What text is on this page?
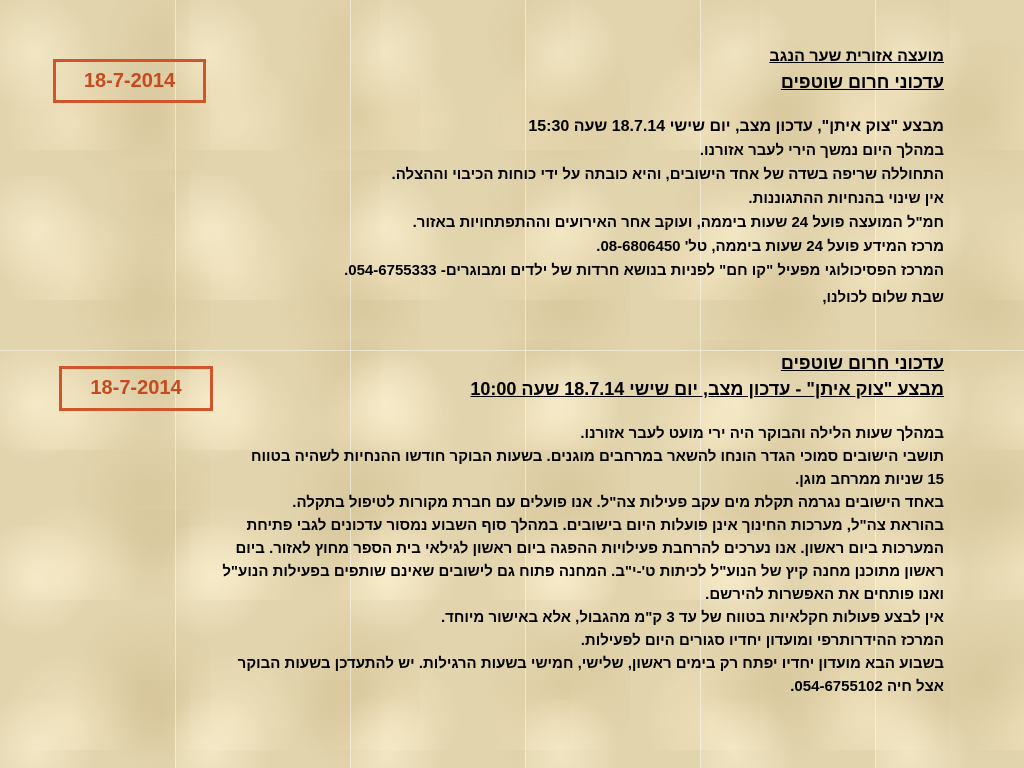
18-7-2014
מועצה אזורית שער הנגב
עדכוני חרום שוטפים
מבצע "צוק איתן", עדכון מצב, יום שישי 18.7.14 שעה 15:30
במהלך היום נמשך הירי לעבר אזורנו.
התחוללה שריפה בשדה של אחד הישובים, והיא כובתה על ידי כוחות הכיבוי וההצלה.
אין שינוי בהנחיות ההתגוננות.
חמ"ל המועצה פועל 24 שעות ביממה, ועוקב אחר האירועים וההתפתחויות באזור.
מרכז המידע פועל 24 שעות ביממה, טל' 08-6806450.
המרכז הפסיכולוגי מפעיל "קו חם" לפניות בנושא חרדות של ילדים ומבוגרים- 054-6755333.
שבת שלום לכולנו,
18-7-2014
עדכוני חרום שוטפים
מבצע "צוק איתן" - עדכון מצב, יום שישי 18.7.14 שעה 10:00
במהלך שעות הלילה והבוקר היה ירי מועט לעבר אזורנו.
תושבי הישובים סמוכי הגדר הונחו להשאר במרחבים מוגנים. בשעות הבוקר חודשו ההנחיות לשהיה בטווח
15 שניות ממרחב מוגן.
באחד הישובים נגרמה תקלת מים עקב פעילות צה"ל. אנו פועלים עם חברת מקורות לטיפול בתקלה.
בהוראת צה"ל, מערכות החינוך אינן פועלות היום בישובים. במהלך סוף השבוע נמסור עדכונים לגבי פתיחת
המערכות ביום ראשון. אנו נערכים להרחבת פעילויות ההפגה ביום ראשון לגילאי בית הספר מחוץ לאזור. ביום
ראשון מתוכנן מחנה קיץ של הנוע"ל לכיתות ט'-י"ב. המחנה פתוח גם לישובים שאינם שותפים בפעילות הנוע"ל
ואנו פותחים את האפשרות להירשם.
אין לבצע פעולות חקלאיות בטווח של עד 3 ק"מ מהגבול, אלא באישור מיוחד.
המרכז ההידרותרפי ומועדון יחדיו סגורים היום לפעילות.
בשבוע הבא מועדון יחדיו יפתח רק בימים ראשון, שלישי, חמישי בשעות הרגילות. יש להתעדכן בשעות הבוקר
אצל חיה 054-6755102.
